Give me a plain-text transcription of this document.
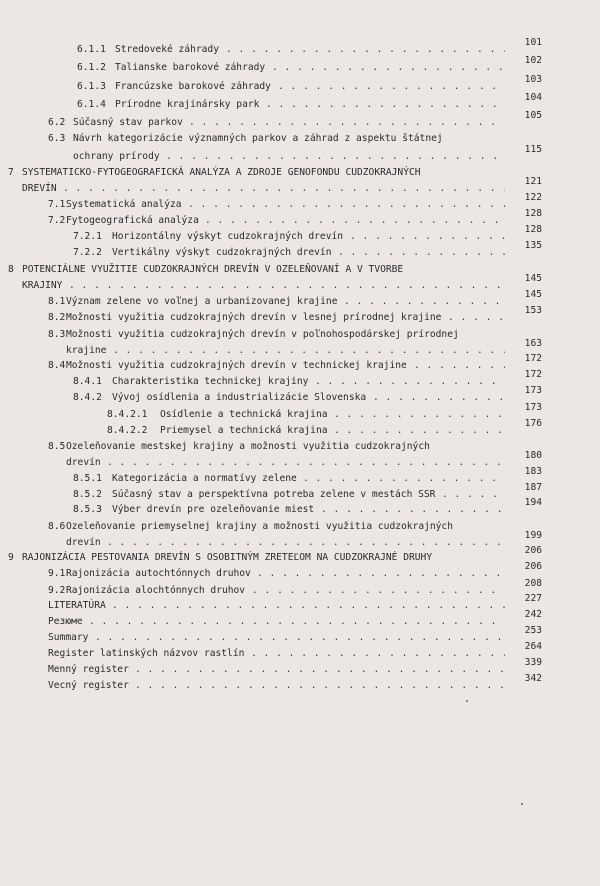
6.1.1 Stredoveké záhrady
. . .
101
6.1.2 Talianske barokové záhrady
. . .
102
6.1.3 Francúzske barokové záhrady
. . .
103
6.1.4 Prírodne krajinársky park
. . .
104
6.2 Súčasný stav parkov
. . .
105
6.3 Návrh kategorizácie významných parkov a záhrad z aspektu štátnej
ochrany prírody
. . .
115
7 SYSTEMATICKO-FYTOGEOGRAFICKÁ ANALÝZA A ZDROJE GENOFONDU CUDZOKRAJNÝCH
DREVÍN
. . .
121
7.1 Systematická analýza
. . .
122
7.2 Fytogeografická analýza
. . .
128
7.2.1 Horizontálny výskyt cudzokrajných drevín
. . .
128
7.2.2 Vertikálny výskyt cudzokrajných drevín
. . .
135
8 POTENCIÁLNE VYUŽITIE CUDZOKRAJNÝCH DREVÍN V OZELEŇOVANÍ A V TVORBE
KRAJINY
. . .
145
8.1 Význam zelene vo voľnej a urbanizovanej krajine
. . .
145
8.2 Možnosti využitia cudzokrajných drevín v lesnej prírodnej krajine
. . .
153
8.3 Možnosti využitia cudzokrajných drevín v poľnohospodárskej prírodnej
krajine
. . .
163
8.4 Možnosti využitia cudzokrajných drevín v technickej krajine
. . .
172
8.4.1 Charakteristika technickej krajiny
. . .
172
8.4.2 Vývoj osídlenia a industrializácie Slovenska
. . .
173
8.4.2.1 Osídlenie a technická krajina
. . .
173
8.4.2.2 Priemysel a technická krajina
. . .
176
8.5 Ozeleňovanie mestskej krajiny a možnosti využitia cudzokrajných
drevín
. . .
180
8.5.1 Kategorizácia a normatívy zelene
. . .
183
8.5.2 Súčasný stav a perspektívna potreba zelene v mestách SSR
. . .
187
8.5.3 Výber drevín pre ozeleňovanie miest
. . .
194
8.6 Ozeleňovanie priemyselnej krajiny a možnosti využitia cudzokrajných
drevín
. . .
199
9 RAJONIZÁCIA PESTOVANIA DREVÍN S OSOBITNÝM ZRETEĽOM NA CUDZOKRAJNÉ DRUHY
206
9.1 Rajonizácia autochtónnych druhov
. . .
206
9.2 Rajonizácia alochtónnych druhov
. . .
208
LITERATÚRA
. . .
227
Резюме
. . .
242
Summary
. . .
253
Register latinských názvov rastlín
. . .
264
Menný register
. . .
339
Vecný register
. . .
342
